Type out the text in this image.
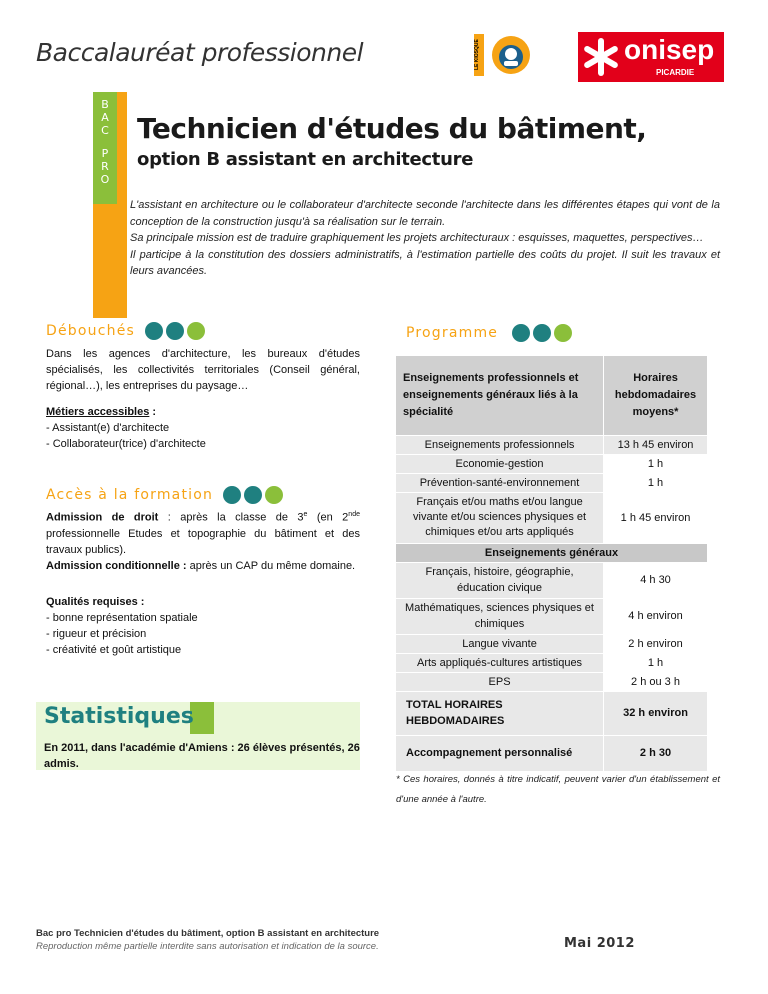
Baccalauréat professionnel	LE KIOSQUE	onisep
PICARDIE
B
A
C
P
R
O
Technicien d'études du bâtiment,
option B assistant en architecture
L'assistant en architecture ou le collaborateur d'architecte seconde l'architecte dans les différentes étapes qui vont de la conception de la construction jusqu'à sa réalisation sur le terrain.
Sa principale mission est de traduire graphiquement les projets architecturaux : esquisses, maquettes, perspectives…
Il participe à la constitution des dossiers administratifs, à l'estimation partielle des coûts du projet. Il suit les travaux et leurs avancées.
Débouchés
Dans les agences d'architecture, les bureaux d'études spécialisés, les collectivités territoriales (Conseil général, régional…), les entreprises du paysage…
Métiers accessibles :
- Assistant(e) d'architecte
- Collaborateur(trice) d'architecte
Accès à la formation
Admission de droit : après la classe de 3e (en 2nde professionnelle Etudes et topographie du bâtiment et des travaux publics).
Admission conditionnelle : après un CAP du même domaine.
Qualités requises :
- bonne représentation spatiale
- rigueur et précision
- créativité et goût artistique
Statistiques
En 2011, dans l'académie d'Amiens : 26 élèves présentés, 26 admis.
Programme
Enseignements professionnels et enseignements généraux liés à la spécialité	Horaires hebdomadaires moyens*
Enseignements professionnels	13 h 45 environ
Economie-gestion	1 h
Prévention-santé-environnement	1 h
Français et/ou maths et/ou langue vivante et/ou sciences physiques et chimiques et/ou arts appliqués	1 h 45 environ
Enseignements généraux	
Français, histoire, géographie, éducation civique	4 h 30
Mathématiques, sciences physiques et chimiques	4 h environ
Langue vivante	2 h environ
Arts appliqués-cultures artistiques	1 h
EPS	2 h ou 3 h
TOTAL HORAIRES HEBDOMADAIRES	32 h environ
Accompagnement personnalisé	2 h 30
* Ces horaires, donnés à titre indicatif, peuvent varier d'un établissement et d'une année à l'autre.
Bac pro Technicien d'études du bâtiment, option B assistant en architecture
Reproduction même partielle interdite sans autorisation et indication de la source.	Mai 2012
